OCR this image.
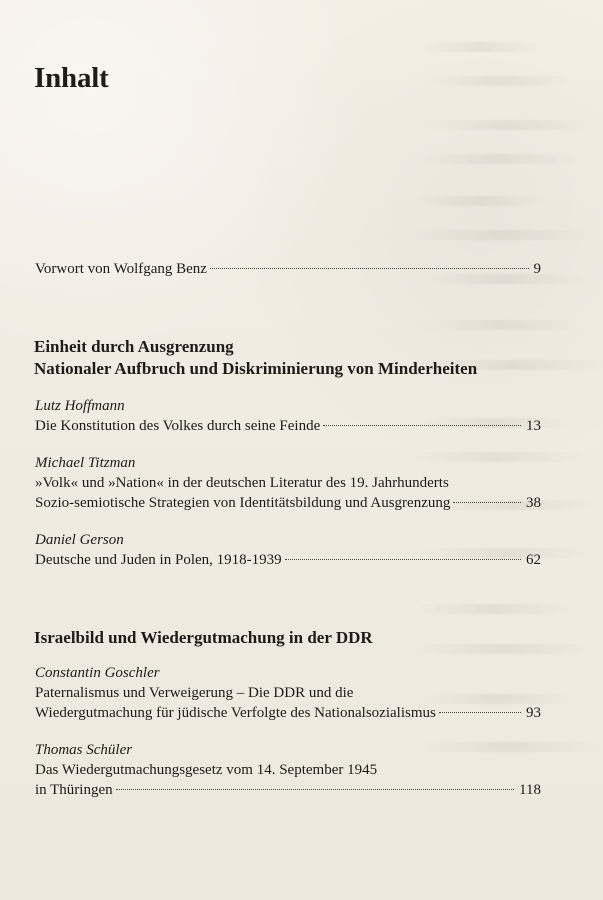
Inhalt
Vorwort von Wolfgang Benz	9
Einheit durch Ausgrenzung
Nationaler Aufbruch und Diskriminierung von Minderheiten
Lutz Hoffmann
Die Konstitution des Volkes durch seine Feinde	13
Michael Titzman
»Volk« und »Nation« in der deutschen Literatur des 19. Jahrhunderts
Sozio-semiotische Strategien von Identitätsbildung und Ausgrenzung	38
Daniel Gerson
Deutsche und Juden in Polen, 1918-1939	62
Israelbild und Wiedergutmachung in der DDR
Constantin Goschler
Paternalismus und Verweigerung – Die DDR und die
Wiedergutmachung für jüdische Verfolgte des Nationalsozialismus	93
Thomas Schüler
Das Wiedergutmachungsgesetz vom 14. September 1945
in Thüringen	118
